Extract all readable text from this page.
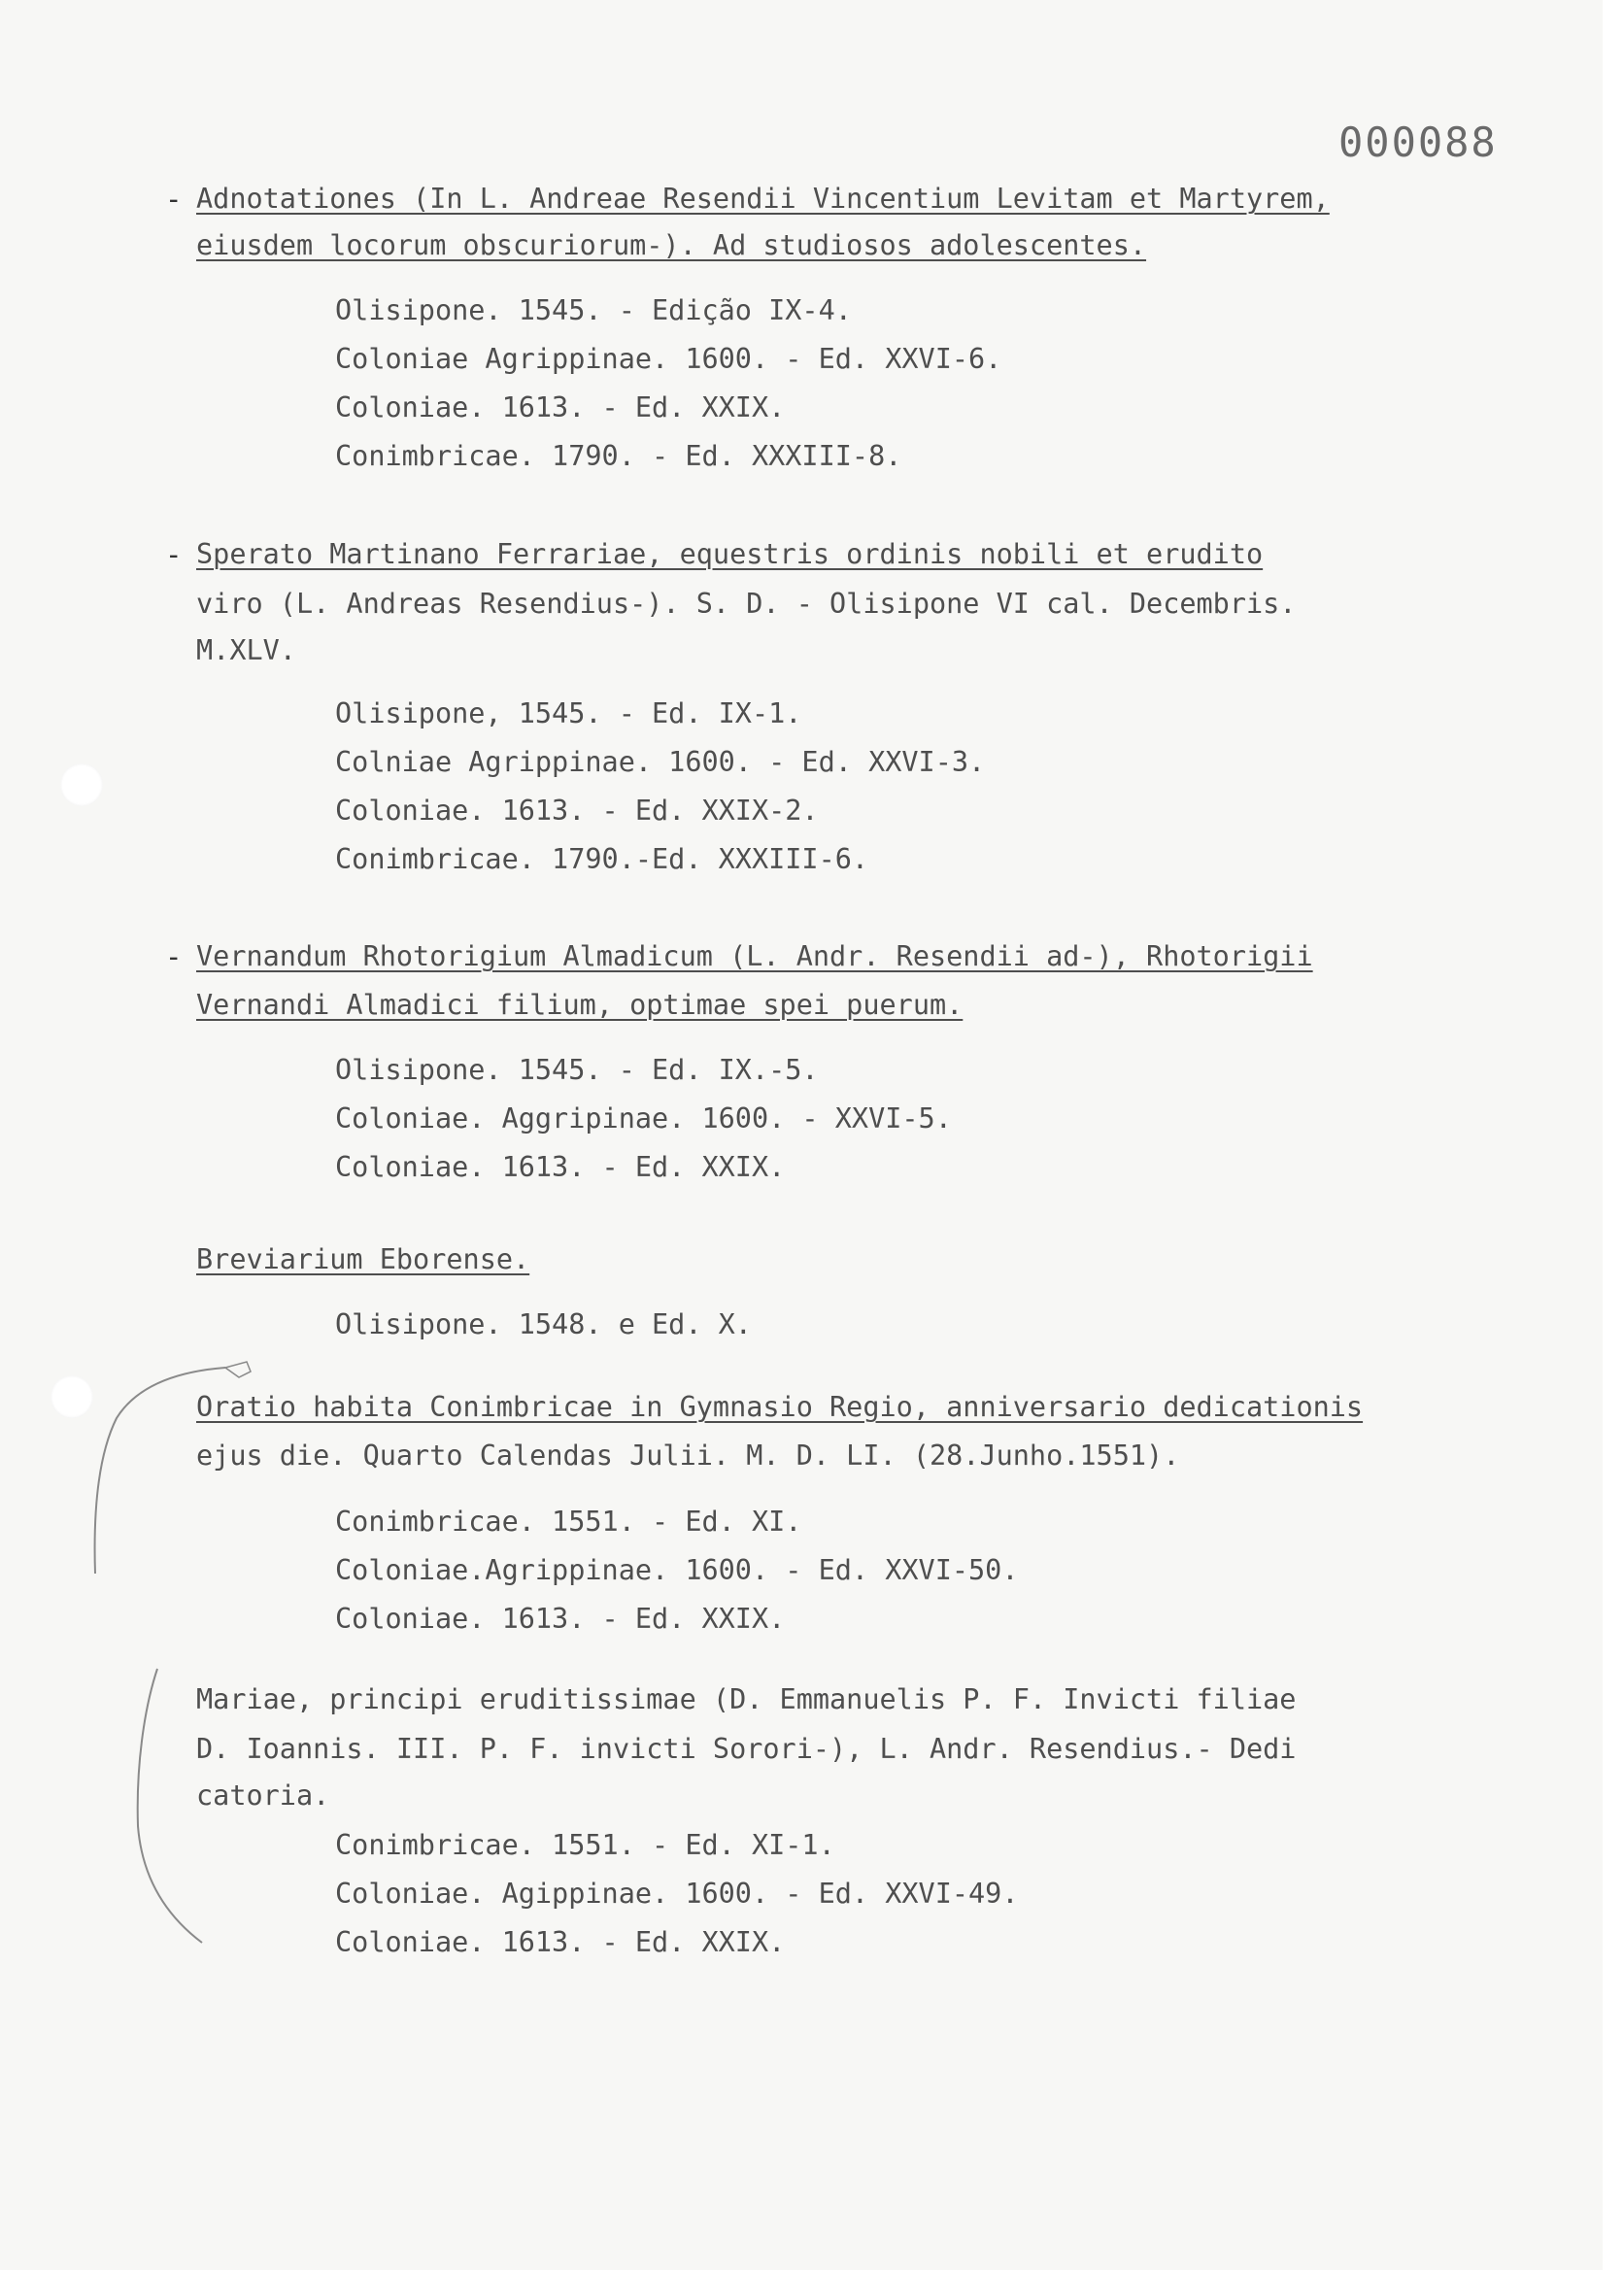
000088
- Adnotationes (In L. Andreae Resendii Vincentium Levitam et Martyrem,
eiusdem locorum obscuriorum-). Ad studiosos adolescentes.
Olisipone. 1545. - Edição IX-4.
Coloniae Agrippinae. 1600. - Ed. XXVI-6.
Coloniae. 1613. - Ed. XXIX.
Conimbricae. 1790. - Ed. XXXIII-8.
- Sperato Martinano Ferrariae, equestris ordinis nobili et erudito
viro (L. Andreas Resendius-). S. D. - Olisipone VI cal. Decembris.
M.XLV.
Olisipone, 1545. - Ed. IX-1.
Colniae Agrippinae. 1600. - Ed. XXVI-3.
Coloniae. 1613. - Ed. XXIX-2.
Conimbricae. 1790.-Ed. XXXIII-6.
- Vernandum Rhotorigium Almadicum (L. Andr. Resendii ad-), Rhotorigii
Vernandi Almadici filium, optimae spei puerum.
Olisipone. 1545. - Ed. IX.-5.
Coloniae. Aggripinae. 1600. - XXVI-5.
Coloniae. 1613. - Ed. XXIX.
Breviarium Eborense.
Olisipone. 1548. e Ed. X.
Oratio habita Conimbricae in Gymnasio Regio, anniversario dedicationis
ejus die. Quarto Calendas Julii. M. D. LI. (28.Junho.1551).
Conimbricae. 1551. - Ed. XI.
Coloniae.Agrippinae. 1600. - Ed. XXVI-50.
Coloniae. 1613. - Ed. XXIX.
Mariae, principi eruditissimae (D. Emmanuelis P. F. Invicti filiae
D. Ioannis. III. P. F. invicti Sorori-), L. Andr. Resendius.- Dedi
catoria.
Conimbricae. 1551. - Ed. XI-1.
Coloniae. Agippinae. 1600. - Ed. XXVI-49.
Coloniae. 1613. - Ed. XXIX.
